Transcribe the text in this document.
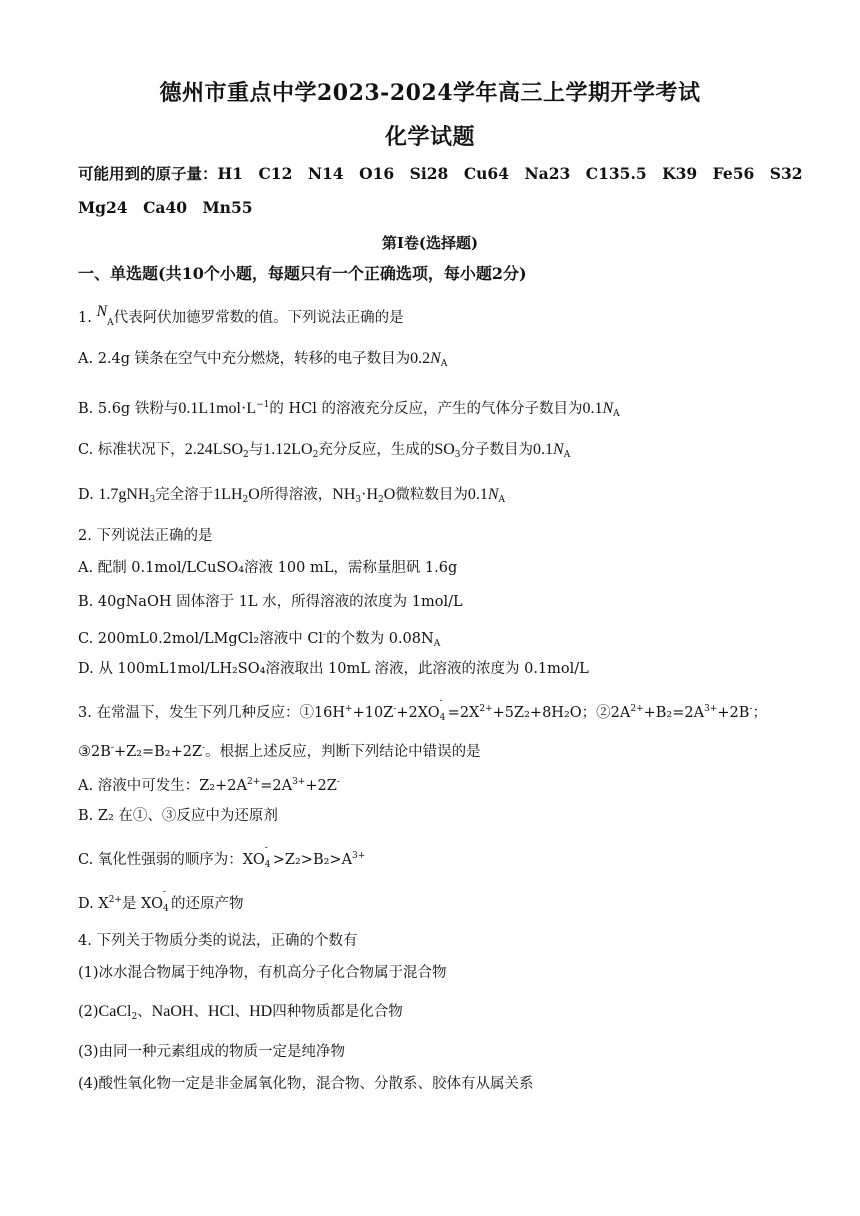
德州市重点中学2023-2024学年高三上学期开学考试
化学试题
可能用到的原子量：H1　C12　N14　O16　Si28　Cu64　Na23　C135.5　K39　Fe56　S32
Mg24　Ca40　Mn55
第I卷(选择题)
一、单选题(共10个小题，每题只有一个正确选项，每小题2分)
1. $N_A$代表阿伏加德罗常数的值。下列说法正确的是
A. 2.4g 镁条在空气中充分燃烧，转移的电子数目为$0.2N_A$
B. 5.6g 铁粉与$0.1L1mol\cdot L^{-1}$的 HCl 的溶液充分反应，产生的气体分子数目为$0.1N_A$
C. 标准状况下，$2.24LSO_2$与$1.12LO_2$充分反应，生成的$SO_3$分子数目为$0.1N_A$
D. 1.7gNH$_3$完全溶于$1LH_2O$所得溶液，$NH_3\cdot H_2O$微粒数目为$0.1N_A$
2. 下列说法正确的是
A. 配制 0.1mol/LCuSO₄溶液 100 mL，需称量胆矾 1.6g
B. 40gNaOH 固体溶于 1L 水，所得溶液的浓度为 1mol/L
C. 200mL0.2mol/LMgCl₂溶液中 Cl-的个数为 $0.08N_A$
D. 从 100mL1mol/LH₂SO₄溶液取出 10mL 溶液，此溶液的浓度为 0.1mol/L
3. 在常温下，发生下列几种反应：①16H++10Z-+2XO
-
$4 =2X^{2+}+5Z_2+8H_2O$；$②2A^{2+}+B_2=2A^{3+}+2B^-$；
③2B-+Z₂=B₂+2Z-。根据上述反应，判断下列结论中错误的是
A. 溶液中可发生：$Z_2+2A^{2+}=2A^{3+}+2Z^-$
B. Z₂ 在①、③反应中为还原剂
C. 氧化性强弱的顺序为：XO
-
$4 >Z_2>B_2>A^{3+}$
D. $X^{2+}$是 XO
-
4 的还原产物
4. 下列关于物质分类的说法，正确的个数有
(1)冰水混合物属于纯净物，有机高分子化合物属于混合物
(2)CaCl$_2$、NaOH、HCl、HD四种物质都是化合物
(3)由同一种元素组成的物质一定是纯净物
(4)酸性氧化物一定是非金属氧化物，混合物、分散系、胶体有从属关系
